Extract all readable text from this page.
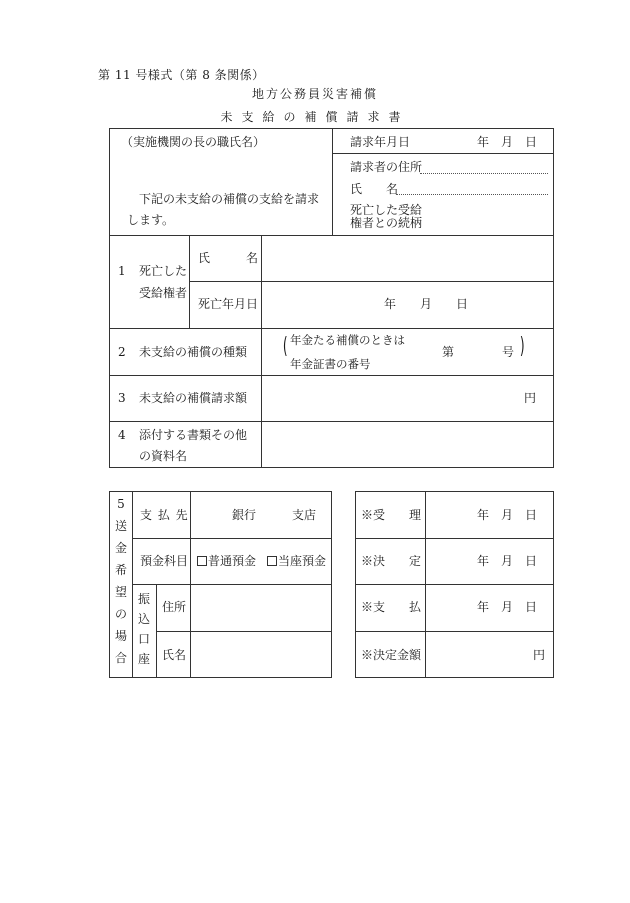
第 11 号様式（第 8 条関係）
地方公務員災害補償
未支給の補償請求書
（実施機関の長の職氏名）
下記の未支給の補償の支給を請求
します。
請求年月日	年　月　日
請求者の住所
氏　　名
死亡した受給
権者との続柄
1 死亡した
受給権者
氏　　　名
死亡年月日	年　　月　　日
2 未支給の補償の種類 ( 年金たる補償のときは
年金証書の番号
第	号 )
3 未支給の補償請求額	円
4 添付する書類その他
の資料名
5送金希望の場合
支 払 先	銀行	支店
預金科目	普通預金	当座預金
振込口座
住所
氏名
※受　　理	年　月　日
※決　　定	年　月　日
※支　　払	年　月　日
※決定金額	円
